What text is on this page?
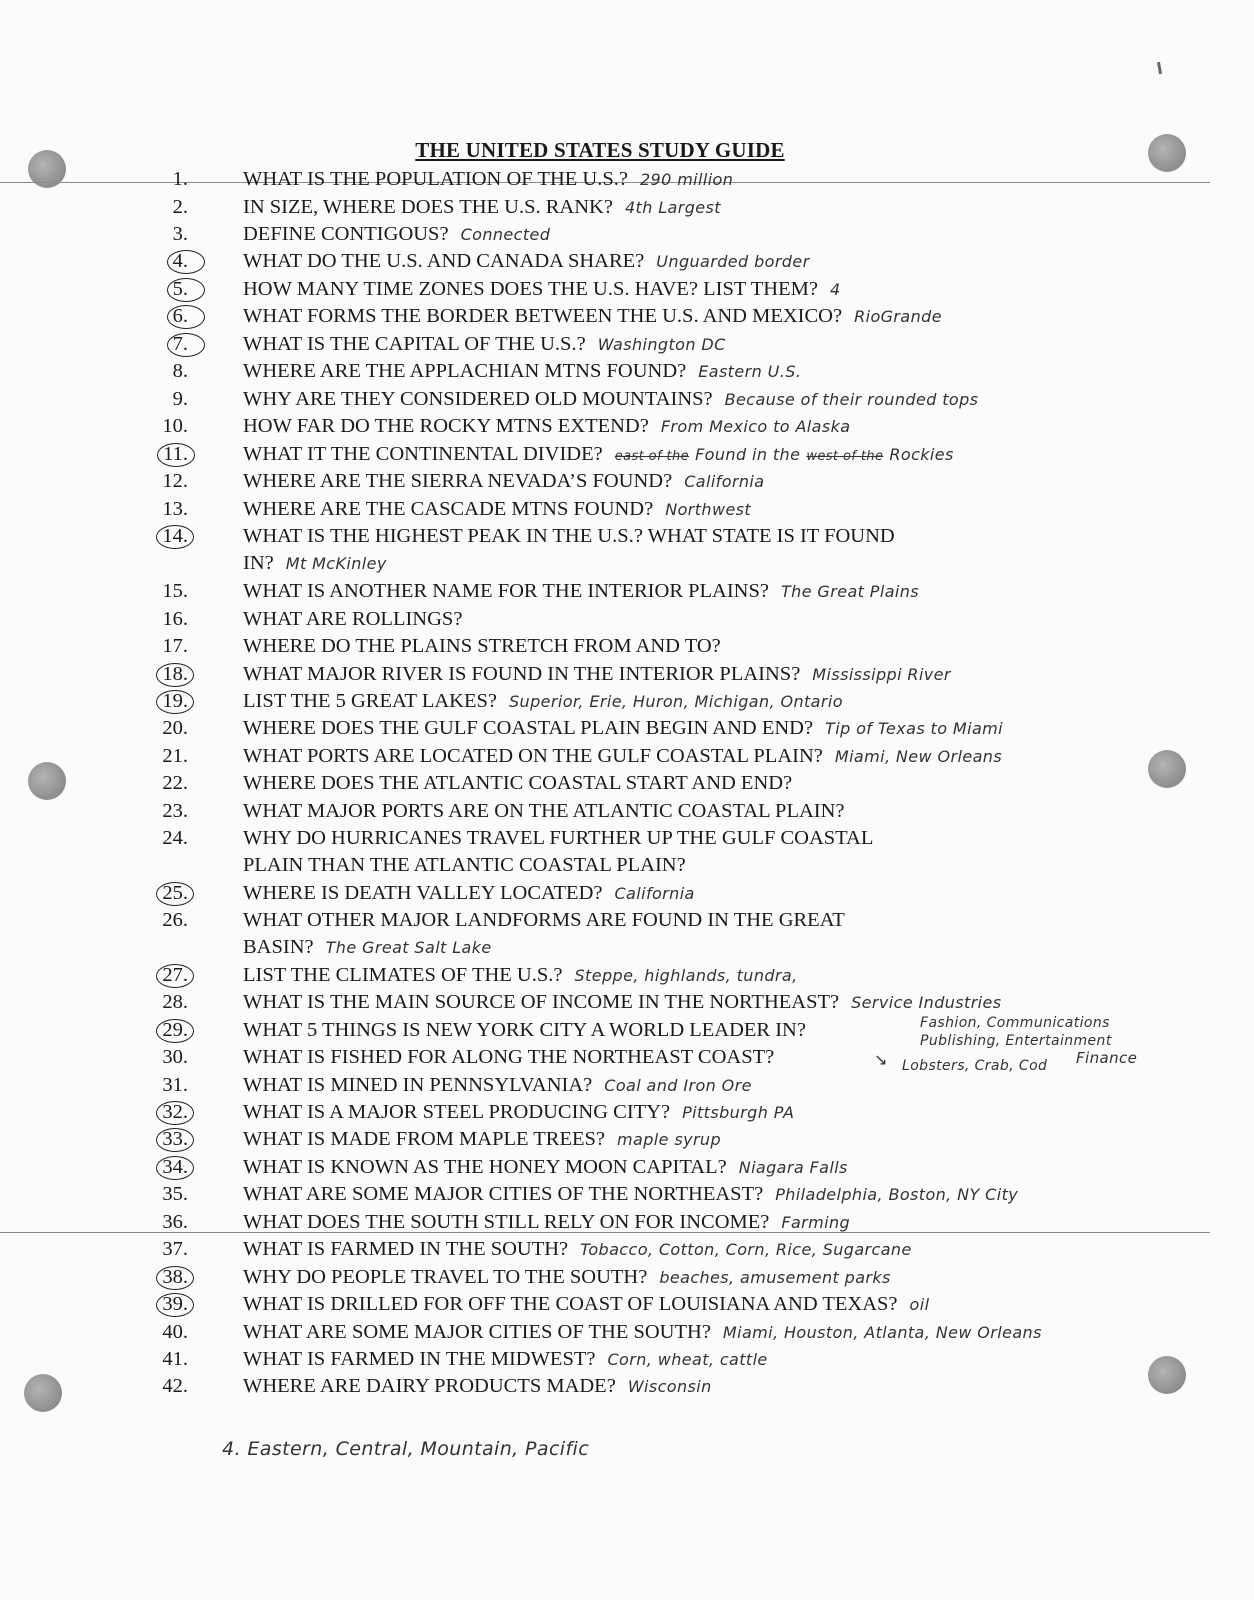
THE UNITED STATES STUDY GUIDE
1.	WHAT IS THE POPULATION OF THE U.S.? 290 million
2.	IN SIZE, WHERE DOES THE U.S. RANK? 4th Largest
3.	DEFINE CONTIGOUS? Connected
4.	WHAT DO THE U.S. AND CANADA SHARE? Unguarded border
5.	HOW MANY TIME ZONES DOES THE U.S. HAVE? LIST THEM? 4
6.	WHAT FORMS THE BORDER BETWEEN THE U.S. AND MEXICO? RioGrande
7.	WHAT IS THE CAPITAL OF THE U.S.? Washington DC
8.	WHERE ARE THE APPLACHIAN MTNS FOUND? Eastern U.S.
9.	WHY ARE THEY CONSIDERED OLD MOUNTAINS? Because of their rounded tops
10.	HOW FAR DO THE ROCKY MTNS EXTEND? From Mexico to Alaska
11.	WHAT IT THE CONTINENTAL DIVIDE? east of the Found in the west of the Rockies
12.	WHERE ARE THE SIERRA NEVADA’S FOUND? California
13.	WHERE ARE THE CASCADE MTNS FOUND? Northwest
14.	WHAT IS THE HIGHEST PEAK IN THE U.S.? WHAT STATE IS IT FOUND
IN? Mt McKinley
15.	WHAT IS ANOTHER NAME FOR THE INTERIOR PLAINS? The Great Plains
16.	WHAT ARE ROLLINGS?
17.	WHERE DO THE PLAINS STRETCH FROM AND TO?
18.	WHAT MAJOR RIVER IS FOUND IN THE INTERIOR PLAINS? Mississippi River
19.	LIST THE 5 GREAT LAKES? Superior, Erie, Huron, Michigan, Ontario
20.	WHERE DOES THE GULF COASTAL PLAIN BEGIN AND END? Tip of Texas to Miami
21.	WHAT PORTS ARE LOCATED ON THE GULF COASTAL PLAIN? Miami, New Orleans
22.	WHERE DOES THE ATLANTIC COASTAL START AND END?
23.	WHAT MAJOR PORTS ARE ON THE ATLANTIC COASTAL PLAIN?
24.	WHY DO HURRICANES TRAVEL FURTHER UP THE GULF COASTAL
PLAIN THAN THE ATLANTIC COASTAL PLAIN?
25.	WHERE IS DEATH VALLEY LOCATED? California
26.	WHAT OTHER MAJOR LANDFORMS ARE FOUND IN THE GREAT
BASIN? The Great Salt Lake
27.	LIST THE CLIMATES OF THE U.S.? Steppe, highlands, tundra,
28.	WHAT IS THE MAIN SOURCE OF INCOME IN THE NORTHEAST? Service Industries
29.	WHAT 5 THINGS IS NEW YORK CITY A WORLD LEADER IN?	Fashion, Communications
Publishing, Entertainment
Finance
30.	WHAT IS FISHED FOR ALONG THE NORTHEAST COAST?	↘ Lobsters, Crab, Cod
31.	WHAT IS MINED IN PENNSYLVANIA? Coal and Iron Ore
32.	WHAT IS A MAJOR STEEL PRODUCING CITY? Pittsburgh PA
33.	WHAT IS MADE FROM MAPLE TREES? maple syrup
34.	WHAT IS KNOWN AS THE HONEY MOON CAPITAL? Niagara Falls
35.	WHAT ARE SOME MAJOR CITIES OF THE NORTHEAST? Philadelphia, Boston, NY City
36.	WHAT DOES THE SOUTH STILL RELY ON FOR INCOME? Farming
37.	WHAT IS FARMED IN THE SOUTH? Tobacco, Cotton, Corn, Rice, Sugarcane
38.	WHY DO PEOPLE TRAVEL TO THE SOUTH? beaches, amusement parks
39.	WHAT IS DRILLED FOR OFF THE COAST OF LOUISIANA AND TEXAS? oil
40.	WHAT ARE SOME MAJOR CITIES OF THE SOUTH? Miami, Houston, Atlanta, New Orleans
41.	WHAT IS FARMED IN THE MIDWEST? Corn, wheat, cattle
42.	WHERE ARE DAIRY PRODUCTS MADE? Wisconsin
4. Eastern, Central, Mountain, Pacific
